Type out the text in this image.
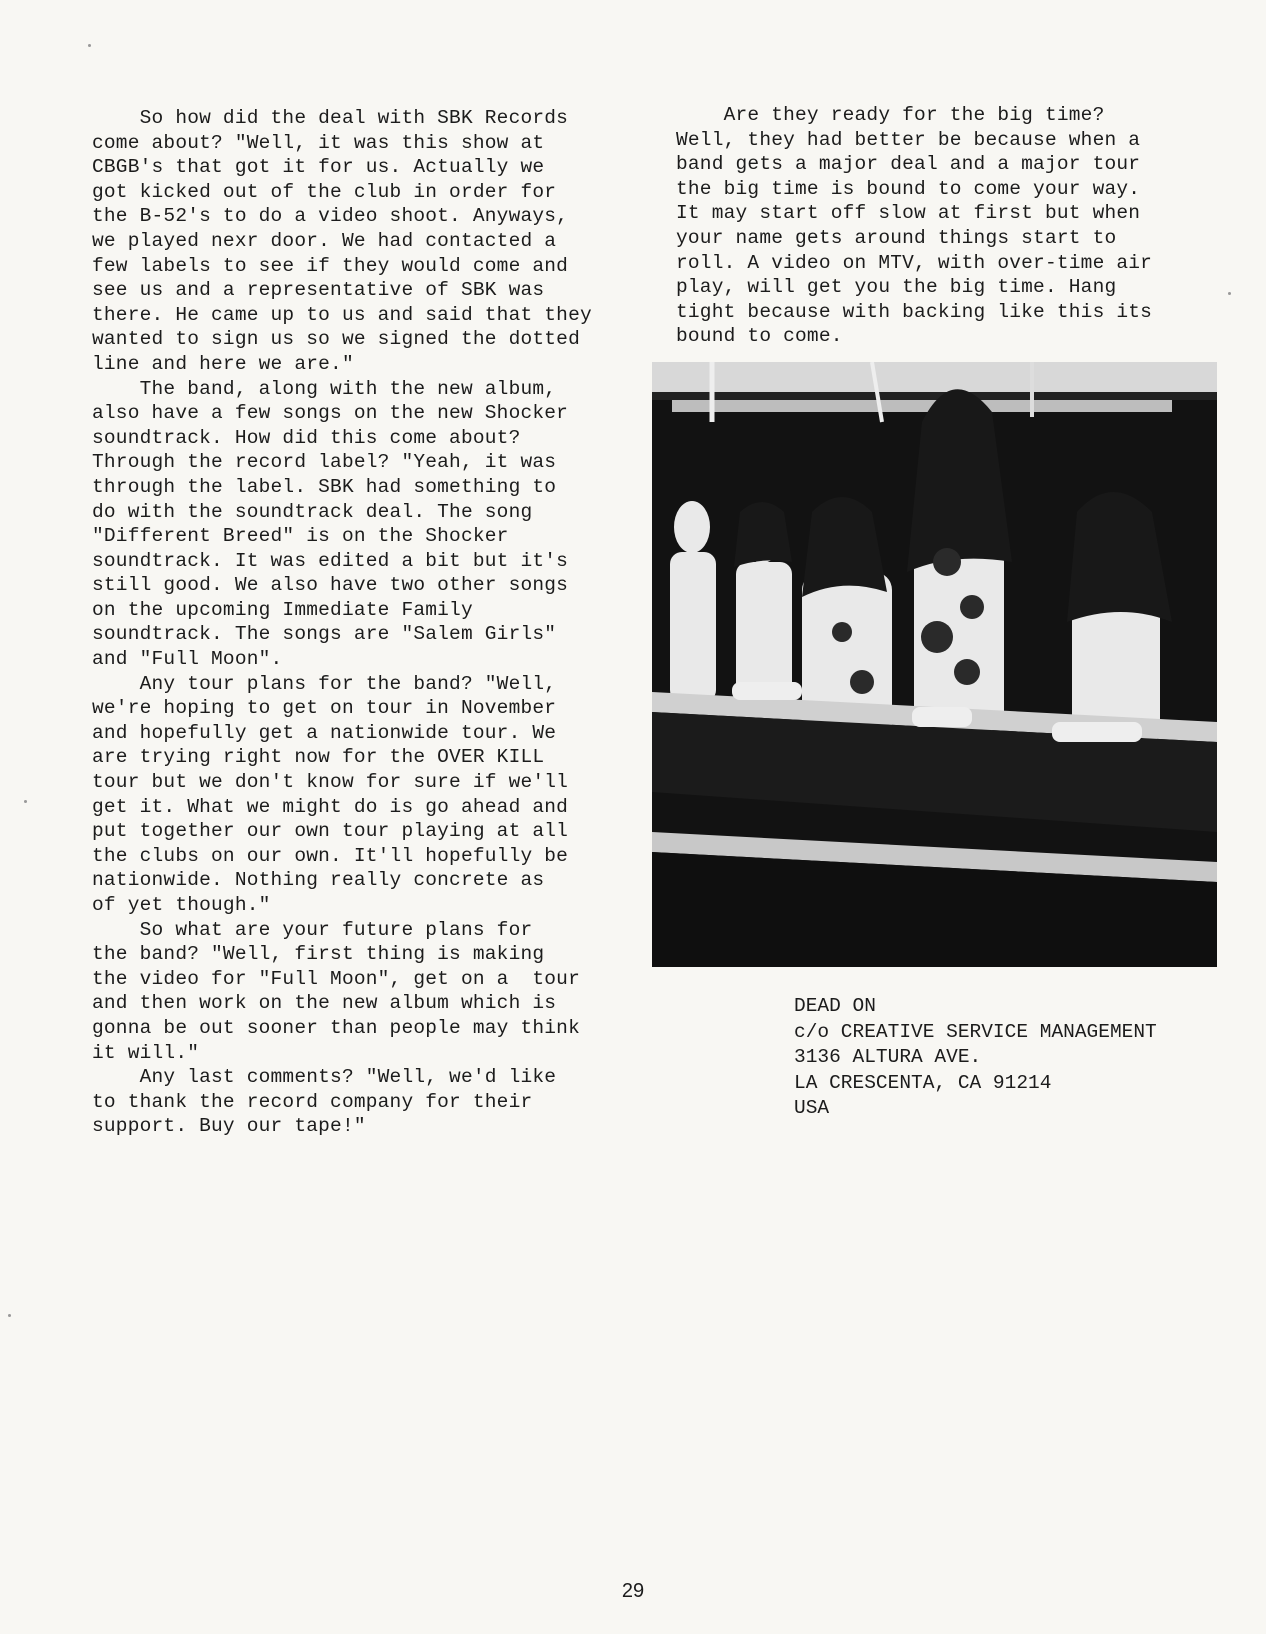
So how did the deal with SBK Records

come about? "Well, it was this show at

CBGB's that got it for us. Actually we

got kicked out of the club in order for

the B-52's to do a video shoot. Anyways,

we played nexr door. We had contacted a

few labels to see if they would come and

see us and a representative of SBK was

there. He came up to us and said that they

wanted to sign us so we signed the dotted

line and here we are."

The band, along with the new album,

also have a few songs on the new Shocker

soundtrack. How did this come about?

Through the record label? "Yeah, it was

through the label. SBK had something to

do with the soundtrack deal. The song

"Different Breed" is on the Shocker

soundtrack. It was edited a bit but it's

still good. We also have two other songs

on the upcoming Immediate Family

soundtrack. The songs are "Salem Girls"

and "Full Moon".

Any tour plans for the band? "Well,

we're hoping to get on tour in November

and hopefully get a nationwide tour. We

are trying right now for the OVER KILL

tour but we don't know for sure if we'll

get it. What we might do is go ahead and

put together our own tour playing at all

the clubs on our own. It'll hopefully be

nationwide. Nothing really concrete as

of yet though."

So what are your future plans for

the band? "Well, first thing is making

the video for "Full Moon", get on a  tour

and then work on the new album which is

gonna be out sooner than people may think

it will."

Any last comments? "Well, we'd like

to thank the record company for their

support. Buy our tape!"

Are they ready for the big time?

Well, they had better be because when a

band gets a major deal and a major tour

the big time is bound to come your way.

It may start off slow at first but when

your name gets around things start to

roll. A video on MTV, with over-time air

play, will get you the big time. Hang

tight because with backing like this its

bound to come.

DEAD ON
c/o CREATIVE SERVICE MANAGEMENT
3136 ALTURA AVE.
LA CRESCENTA, CA 91214
USA
29
